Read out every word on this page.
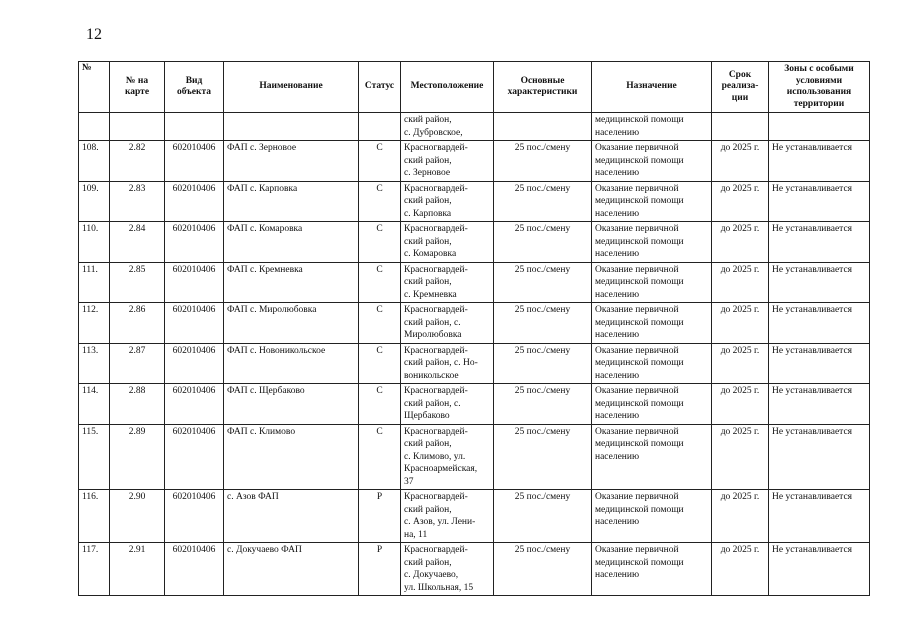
12
№	№ на карте	Вид объекта	Наименование	Статус	Местоположение	Основные характеристики	Назначение	Срок реализа-ции	Зоны с особыми условиями использования территории
					ский район,
с. Дубровское,		медицинской помощи
населению		
108.	2.82	602010406	ФАП с. Зерновое	С	Красногвардей-
ский район,
с. Зерновое	25 пос./смену	Оказание первичной
медицинской помощи
населению	до 2025 г.	Не устанавливается
109.	2.83	602010406	ФАП с. Карповка	С	Красногвардей-
ский район,
с. Карповка	25 пос./смену	Оказание первичной
медицинской помощи
населению	до 2025 г.	Не устанавливается
110.	2.84	602010406	ФАП с. Комаровка	С	Красногвардей-
ский район,
с. Комаровка	25 пос./смену	Оказание первичной
медицинской помощи
населению	до 2025 г.	Не устанавливается
111.	2.85	602010406	ФАП с. Кремневка	С	Красногвардей-
ский район,
с. Кремневка	25 пос./смену	Оказание первичной
медицинской помощи
населению	до 2025 г.	Не устанавливается
112.	2.86	602010406	ФАП с. Миролюбовка	С	Красногвардей-
ский район, с.
Миролюбовка	25 пос./смену	Оказание первичной
медицинской помощи
населению	до 2025 г.	Не устанавливается
113.	2.87	602010406	ФАП с. Новоникольское	С	Красногвардей-
ский район, с. Но-
воникольское	25 пос./смену	Оказание первичной
медицинской помощи
населению	до 2025 г.	Не устанавливается
114.	2.88	602010406	ФАП с. Щербаково	С	Красногвардей-
ский район, с.
Щербаково	25 пос./смену	Оказание первичной
медицинской помощи
населению	до 2025 г.	Не устанавливается
115.	2.89	602010406	ФАП с. Климово	С	Красногвардей-
ский район,
с. Климово, ул.
Красноармейская,
37	25 пос./смену	Оказание первичной
медицинской помощи
населению	до 2025 г.	Не устанавливается
116.	2.90	602010406	с. Азов ФАП	Р	Красногвардей-
ский район,
с. Азов, ул. Лени-
на, 11	25 пос./смену	Оказание первичной
медицинской помощи
населению	до 2025 г.	Не устанавливается
117.	2.91	602010406	с. Докучаево ФАП	Р	Красногвардей-
ский район,
с. Докучаево,
ул. Школьная, 15	25 пос./смену	Оказание первичной
медицинской помощи
населению	до 2025 г.	Не устанавливается
